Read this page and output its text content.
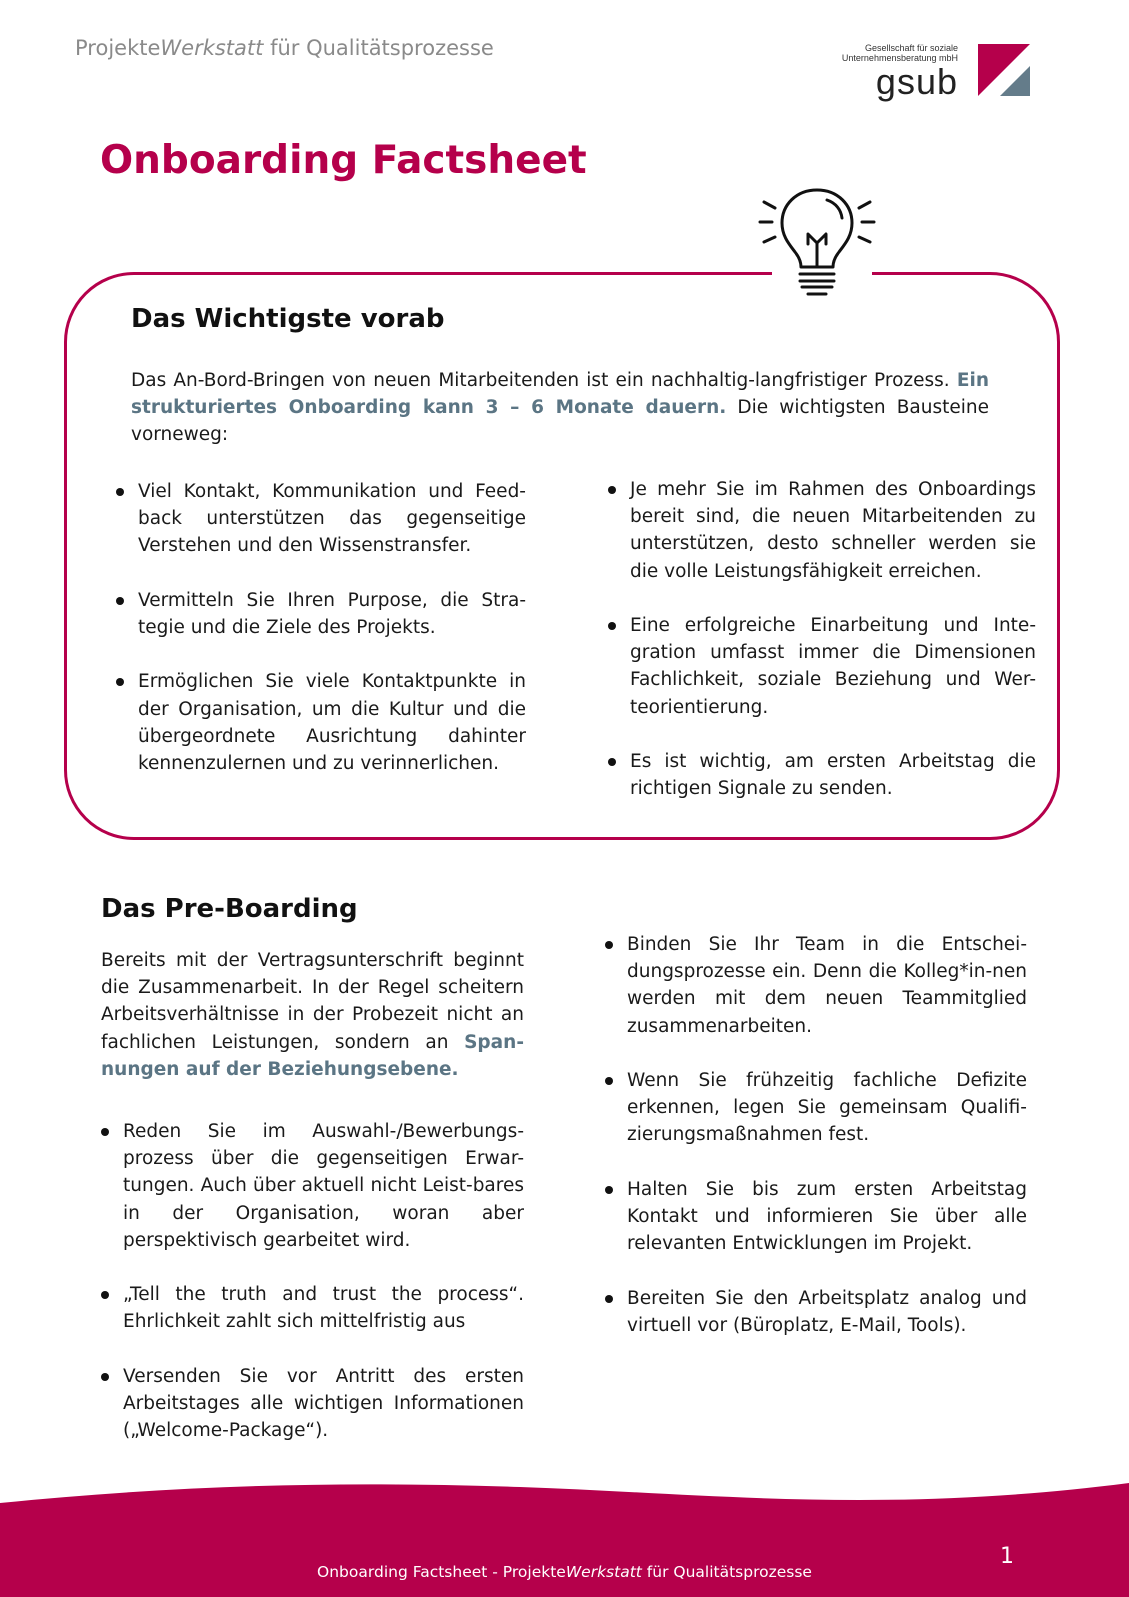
ProjekteWerkstatt für Qualitätsprozesse	Gesellschaft für soziale
Unternehmensberatung mbH
gsub
Onboarding Factsheet
Das Wichtigste vorab
Das An-Bord-Bringen von neuen Mitarbeitenden ist ein nachhaltig-langfristiger Prozess. Ein strukturiertes Onboarding kann 3 – 6 Monate dauern. Die wichtigsten Bausteine vorneweg:
Viel Kontakt, Kommunikation und Feed-back unterstützen das gegenseitige Verstehen und den Wissenstransfer.
Vermitteln Sie Ihren Purpose, die Stra-tegie und die Ziele des Projekts.
Ermöglichen Sie viele Kontaktpunkte in der Organisation, um die Kultur und die übergeordnete Ausrichtung dahinter kennenzulernen und zu verinnerlichen.
Je mehr Sie im Rahmen des Onboardings bereit sind, die neuen Mitarbeitenden zu unterstützen, desto schneller werden sie die volle Leistungsfähigkeit erreichen.
Eine erfolgreiche Einarbeitung und Inte-gration umfasst immer die Dimensionen Fachlichkeit, soziale Beziehung und Wer-teorientierung.
Es ist wichtig, am ersten Arbeitstag die richtigen Signale zu senden.
Das Pre-Boarding
Bereits mit der Vertragsunterschrift beginnt die Zusammenarbeit. In der Regel scheitern Arbeitsverhältnisse in der Probezeit nicht an fachlichen Leistungen, sondern an Span-nungen auf der Beziehungsebene.
Reden Sie im Auswahl-/Bewerbungs-prozess über die gegenseitigen Erwar-tungen. Auch über aktuell nicht Leist-bares in der Organisation, woran aber perspektivisch gearbeitet wird.
„Tell the truth and trust the process“. Ehrlichkeit zahlt sich mittelfristig aus
Versenden Sie vor Antritt des ersten Arbeitstages alle wichtigen Informationen („Welcome-Package“).
Binden Sie Ihr Team in die Entschei-dungsprozesse ein. Denn die Kolleg*in-nen werden mit dem neuen Teammitglied zusammenarbeiten.
Wenn Sie frühzeitig fachliche Defizite erkennen, legen Sie gemeinsam Qualifi-zierungsmaßnahmen fest.
Halten Sie bis zum ersten Arbeitstag Kontakt und informieren Sie über alle relevanten Entwicklungen im Projekt.
Bereiten Sie den Arbeitsplatz analog und virtuell vor (Büroplatz, E-Mail, Tools).
Onboarding Factsheet - ProjekteWerkstatt für Qualitätsprozesse
1
